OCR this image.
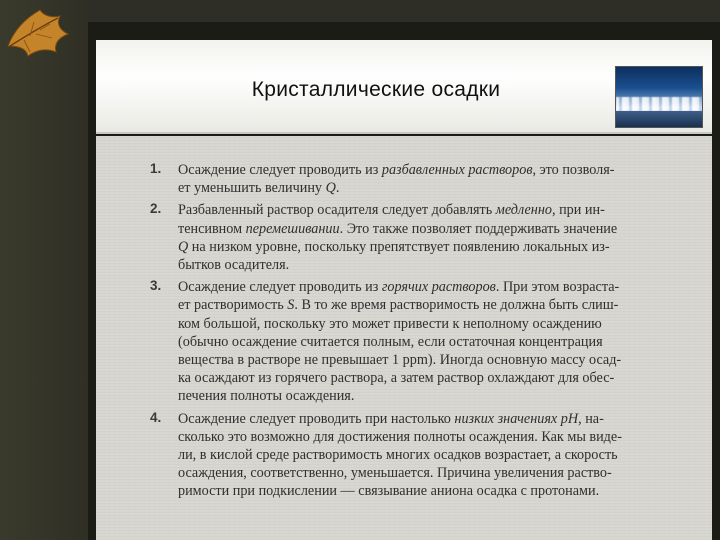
Кристаллические осадки
1. Осаждение следует проводить из разбавленных растворов, это позволя-
ет уменьшить величину Q.
2. Разбавленный раствор осадителя следует добавлять медленно, при ин-
тенсивном перемешивании. Это также позволяет поддерживать значение
Q на низком уровне, поскольку препятствует появлению локальных из-
бытков осадителя.
3. Осаждение следует проводить из горячих растворов. При этом возраста-
ет растворимость S. В то же время растворимость не должна быть слиш-
ком большой, поскольку это может привести к неполному осаждению
(обычно осаждение считается полным, если остаточная концентрация
вещества в растворе не превышает 1 ppm). Иногда основную массу осад-
ка осаждают из горячего раствора, а затем раствор охлаждают для обес-
печения полноты осаждения.
4. Осаждение следует проводить при настолько низких значениях pH, на-
сколько это возможно для достижения полноты осаждения. Как мы виде-
ли, в кислой среде растворимость многих осадков возрастает, а скорость
осаждения, соответственно, уменьшается. Причина увеличения раство-
римости при подкислении — связывание аниона осадка с протонами.
